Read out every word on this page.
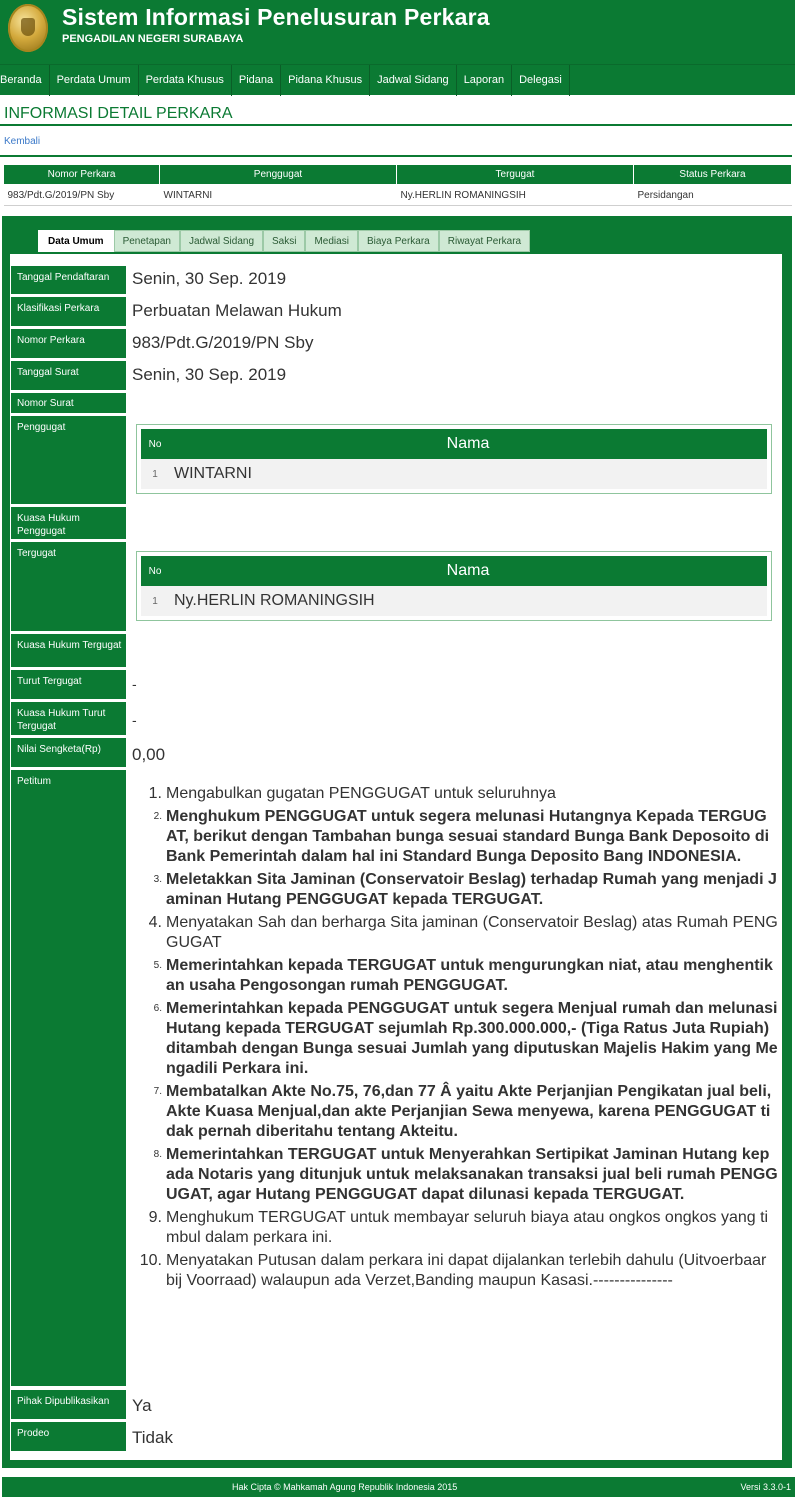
Sistem Informasi Penelusuran Perkara
PENGADILAN NEGERI SURABAYA
Beranda	Perdata Umum	Perdata Khusus	Pidana	Pidana Khusus	Jadwal Sidang	Laporan	Delegasi
INFORMASI DETAIL PERKARA
Kembali
Nomor Perkara	Penggugat	Tergugat	Status Perkara
983/Pdt.G/2019/PN Sby	WINTARNI	Ny.HERLIN ROMANINGSIH	Persidangan
Data Umum	Penetapan	Jadwal Sidang	Saksi	Mediasi	Biaya Perkara	Riwayat Perkara
Tanggal Pendaftaran	Senin, 30 Sep. 2019
Klasifikasi Perkara	Perbuatan Melawan Hukum
Nomor Perkara	983/Pdt.G/2019/PN Sby
Tanggal Surat	Senin, 30 Sep. 2019
Nomor Surat
Penggugat
No	Nama
1	WINTARNI
Kuasa Hukum Penggugat
Tergugat
No	Nama
1	Ny.HERLIN ROMANINGSIH
Kuasa Hukum Tergugat
Turut Tergugat	-
Kuasa Hukum Turut Tergugat	-
Nilai Sengketa(Rp)	0,00
Petitum
1. Mengabulkan gugatan PENGGUGAT untuk seluruhnya
2. Menghukum PENGGUGAT untuk segera melunasi Hutangnya Kepada TERGUGAT, berikut dengan Tambahan bunga sesuai standard Bunga Bank Deposoito di Bank Pemerintah dalam hal ini Standard Bunga Deposito Bang INDONESIA.
3. Meletakkan Sita Jaminan (Conservatoir Beslag) terhadap Rumah yang menjadi Jaminan Hutang PENGGUGAT kepada TERGUGAT.
4. Menyatakan Sah dan berharga Sita jaminan (Conservatoir Beslag) atas Rumah PENGGUGAT
5. Memerintahkan kepada TERGUGAT untuk mengurungkan niat, atau menghentikan usaha Pengosongan rumah PENGGUGAT.
6. Memerintahkan kepada PENGGUGAT untuk segera Menjual rumah dan melunasi Hutang kepada TERGUGAT sejumlah Rp.300.000.000,- (Tiga Ratus Juta Rupiah) ditambah dengan Bunga sesuai Jumlah yang diputuskan Majelis Hakim yang Mengadili Perkara ini.
7. Membatalkan Akte No.75, 76,dan 77 Â yaitu Akte Perjanjian Pengikatan jual beli, Akte Kuasa Menjual,dan akte Perjanjian Sewa menyewa, karena PENGGUGAT tidak pernah diberitahu tentang Akteitu.
8. Memerintahkan TERGUGAT untuk Menyerahkan Sertipikat Jaminan Hutang kepada Notaris yang ditunjuk untuk melaksanakan transaksi jual beli rumah PENGGUGAT, agar Hutang PENGGUGAT dapat dilunasi kepada TERGUGAT.
9. Menghukum TERGUGAT untuk membayar seluruh biaya atau ongkos ongkos yang timbul dalam perkara ini.
10. Menyatakan Putusan dalam perkara ini dapat dijalankan terlebih dahulu (Uitvoerbaar bij Voorraad) walaupun ada Verzet,Banding maupun Kasasi.---------------
Pihak Dipublikasikan	Ya
Prodeo	Tidak
Hak Cipta © Mahkamah Agung Republik Indonesia 2015	Versi 3.3.0-1
